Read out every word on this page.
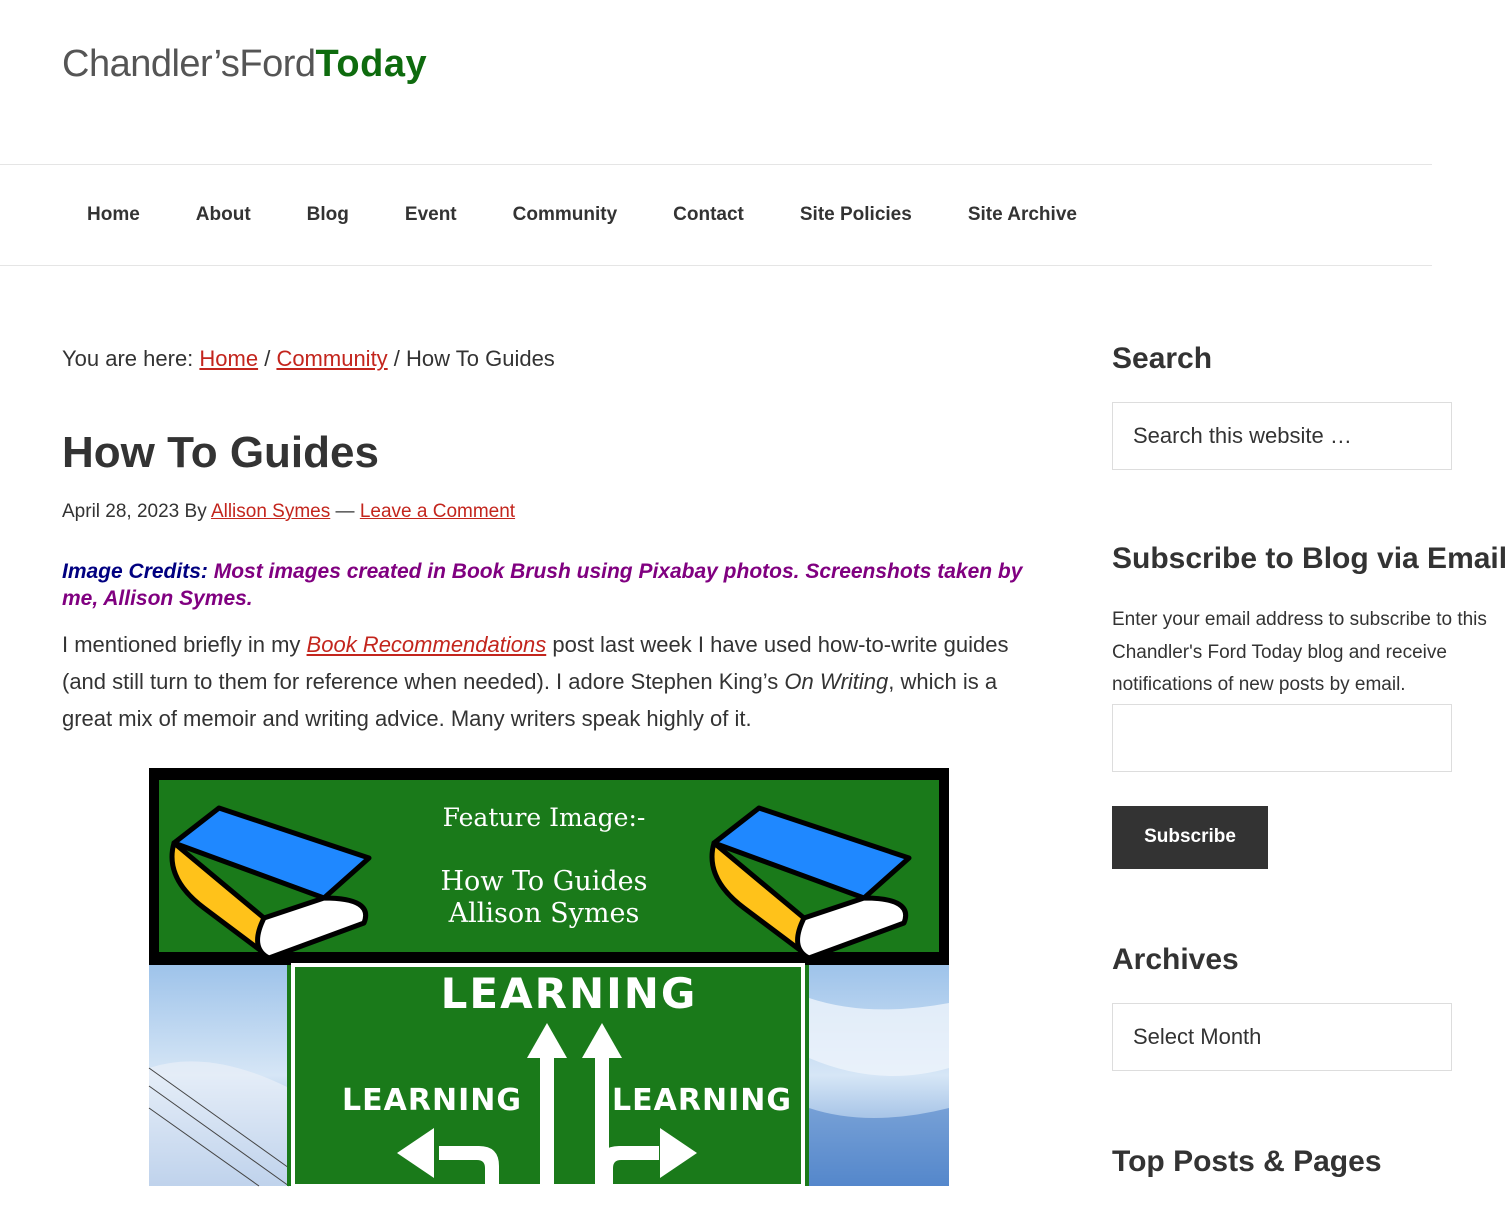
Chandler’sFordToday
Home	About	Blog	Event	Community	Contact	Site Policies	Site Archive
You are here: Home / Community / How To Guides
How To Guides
April 28, 2023 By Allison Symes — Leave a Comment

Image Credits: Most images created in Book Brush using Pixabay photos. Screenshots taken by me, Allison Symes.

I mentioned briefly in my Book Recommendations post last week I have used how-to-write guides (and still turn to them for reference when needed). I adore Stephen King’s On Writing, which is a great mix of memoir and writing advice. Many writers speak highly of it.

Feature Image:-
How To Guides
Allison Symes
LEARNING
LEARNING	LEARNING
Search
Search this website …
Subscribe to Blog via Email
Enter your email address to subscribe to this
Chandler's Ford Today blog and receive
notifications of new posts by email.
Subscribe
Archives
Select Month
Top Posts & Pages
